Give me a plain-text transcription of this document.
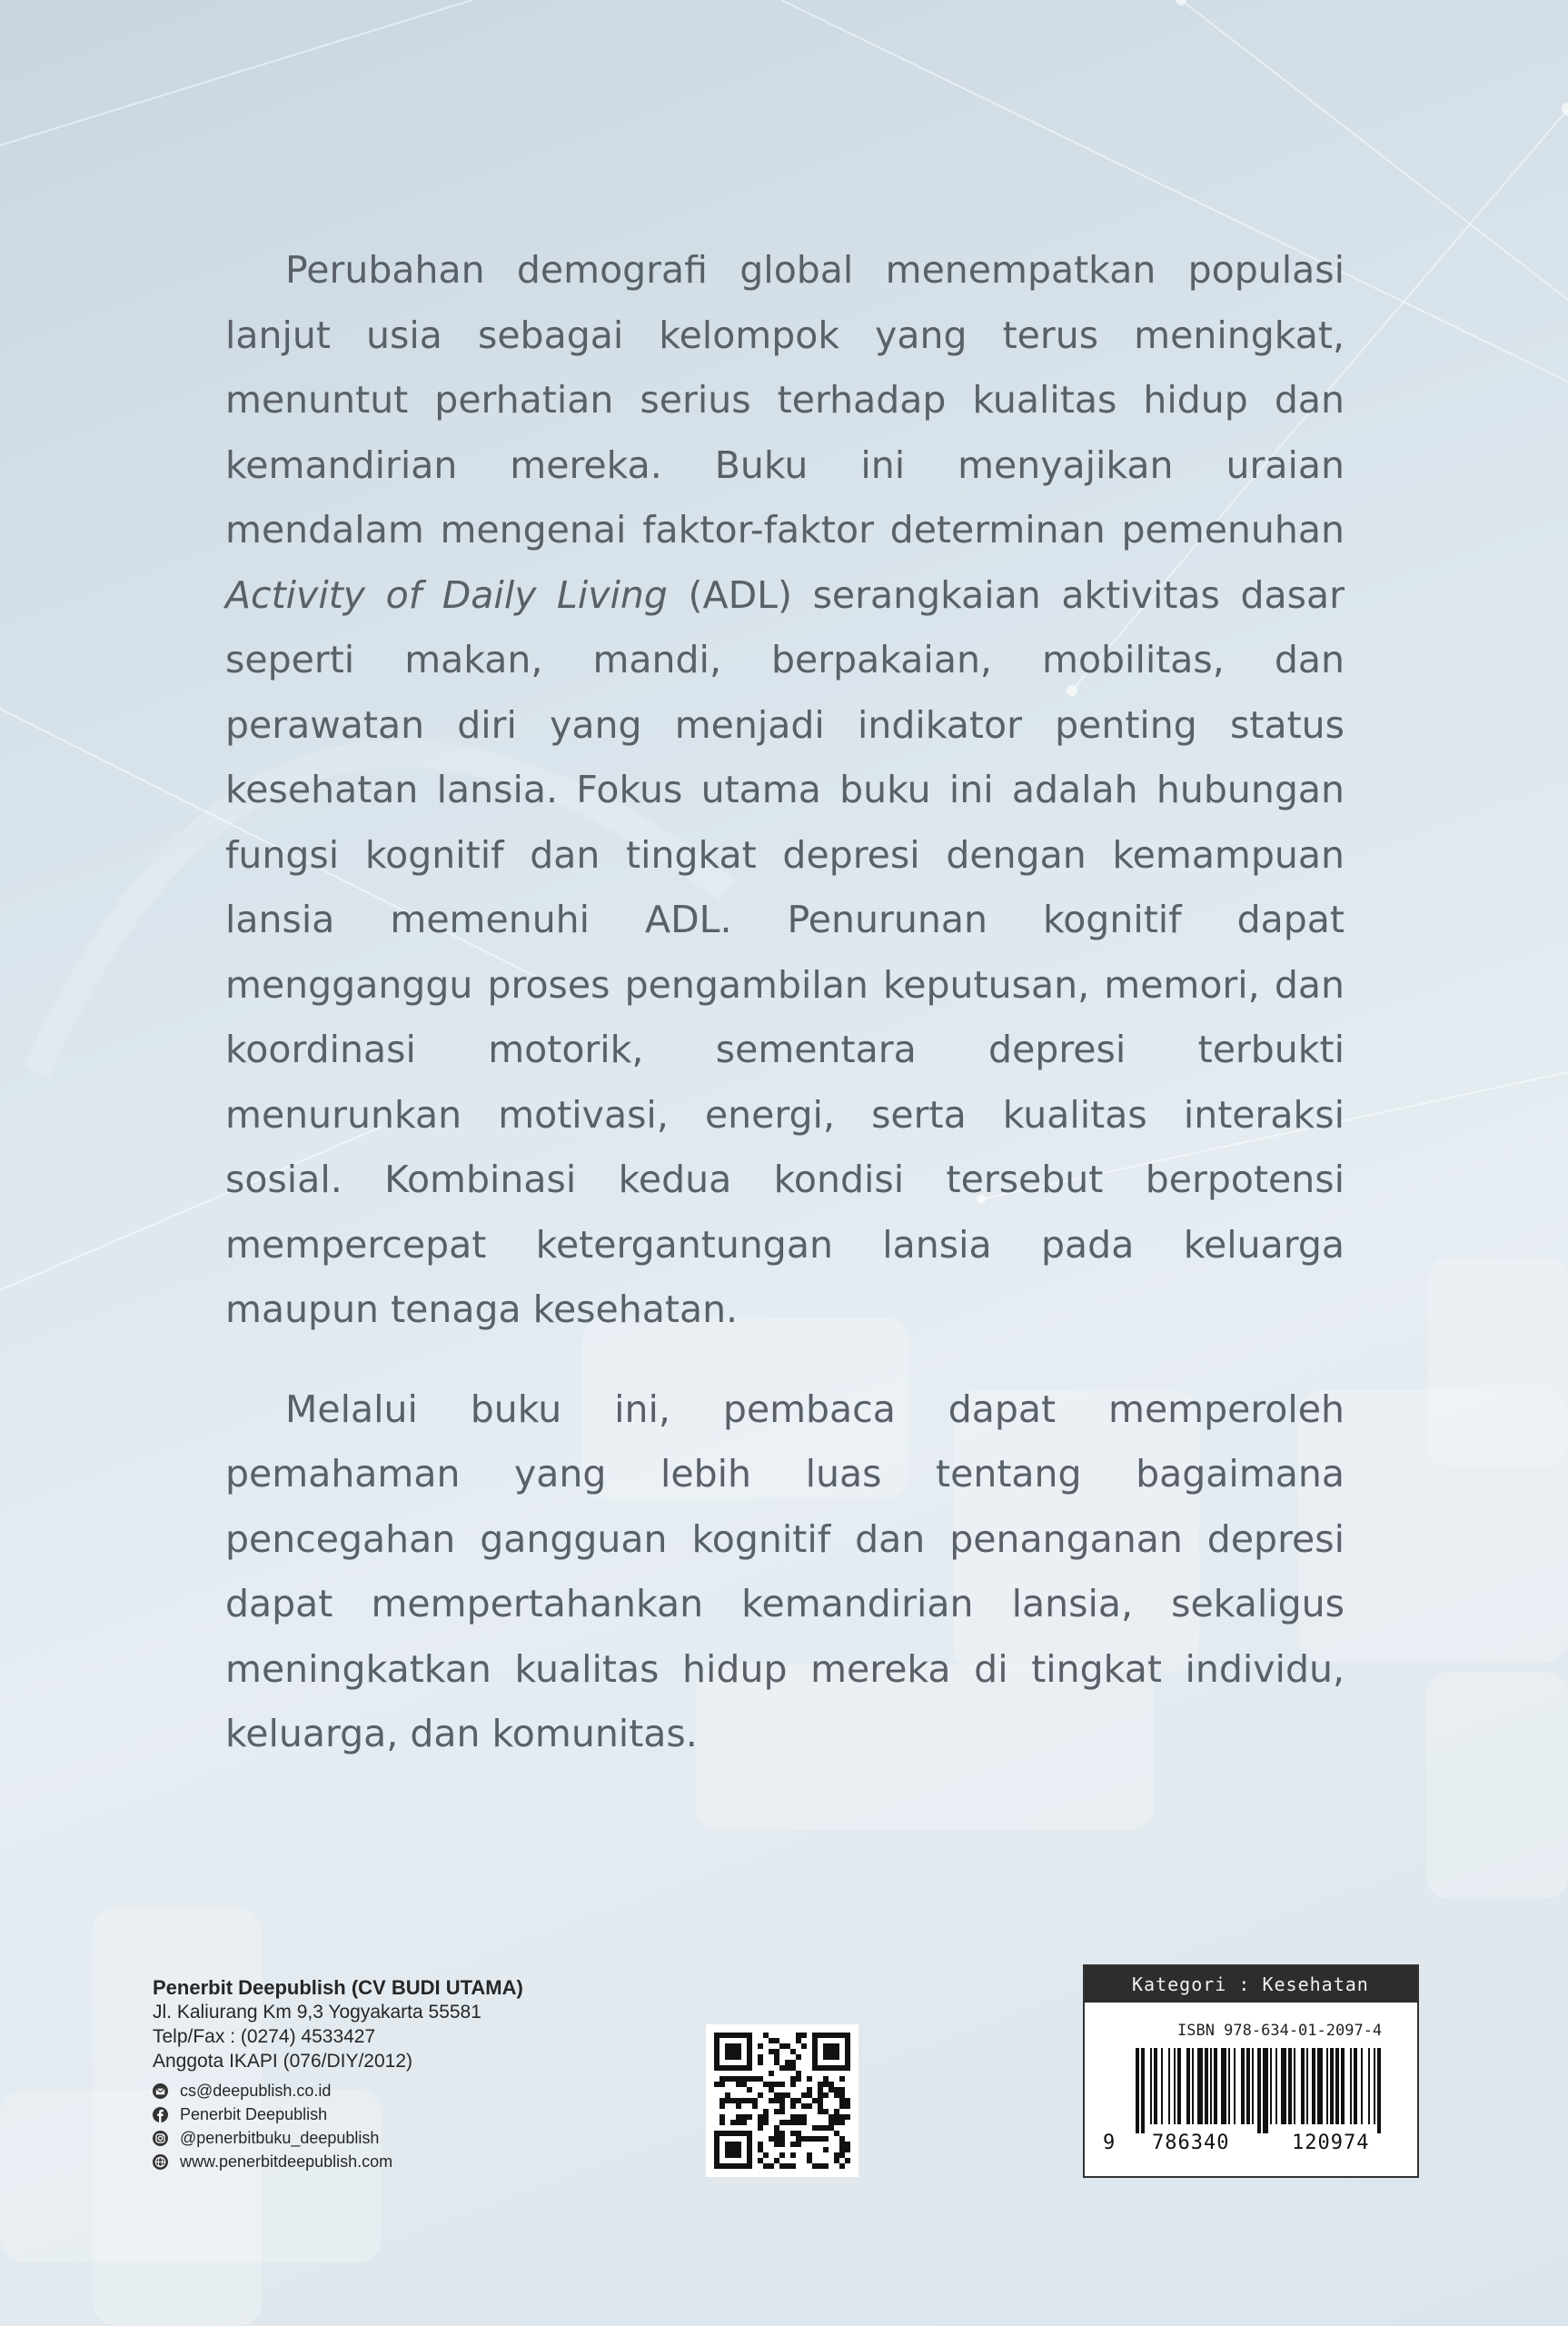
Perubahan demografi global menempatkan populasi lanjut usia sebagai kelompok yang terus meningkat, menuntut perhatian serius terhadap kualitas hidup dan kemandirian mereka. Buku ini menyajikan uraian mendalam mengenai faktor-faktor determinan pemenuhan Activity of Daily Living (ADL) serangkaian aktivitas dasar seperti makan, mandi, berpakaian, mobilitas, dan perawatan diri yang menjadi indikator penting status kesehatan lansia. Fokus utama buku ini adalah hubungan fungsi kognitif dan tingkat depresi dengan kemampuan lansia memenuhi ADL. Penurunan kognitif dapat mengganggu proses pengambilan keputusan, memori, dan koordinasi motorik, sementara depresi terbukti menurunkan motivasi, energi, serta kualitas interaksi sosial. Kombinasi kedua kondisi tersebut berpotensi mempercepat ketergantungan lansia pada keluarga maupun tenaga kesehatan.

Melalui buku ini, pembaca dapat memperoleh pemahaman yang lebih luas tentang bagaimana pencegahan gangguan kognitif dan penanganan depresi dapat mempertahankan kemandirian lansia, sekaligus meningkatkan kualitas hidup mereka di tingkat individu, keluarga, dan komunitas.

Penerbit Deepublish (CV BUDI UTAMA)

Jl. Kaliurang Km 9,3 Yogyakarta 55581

Telp/Fax : (0274) 4533427

Anggota IKAPI (076/DIY/2012)

cs@deepublish.co.id
Penerbit Deepublish
@penerbitbuku_deepublish
www.penerbitdeepublish.com
Kategori : Kesehatan
ISBN 978-634-01-2097-4
9 786340	120974
